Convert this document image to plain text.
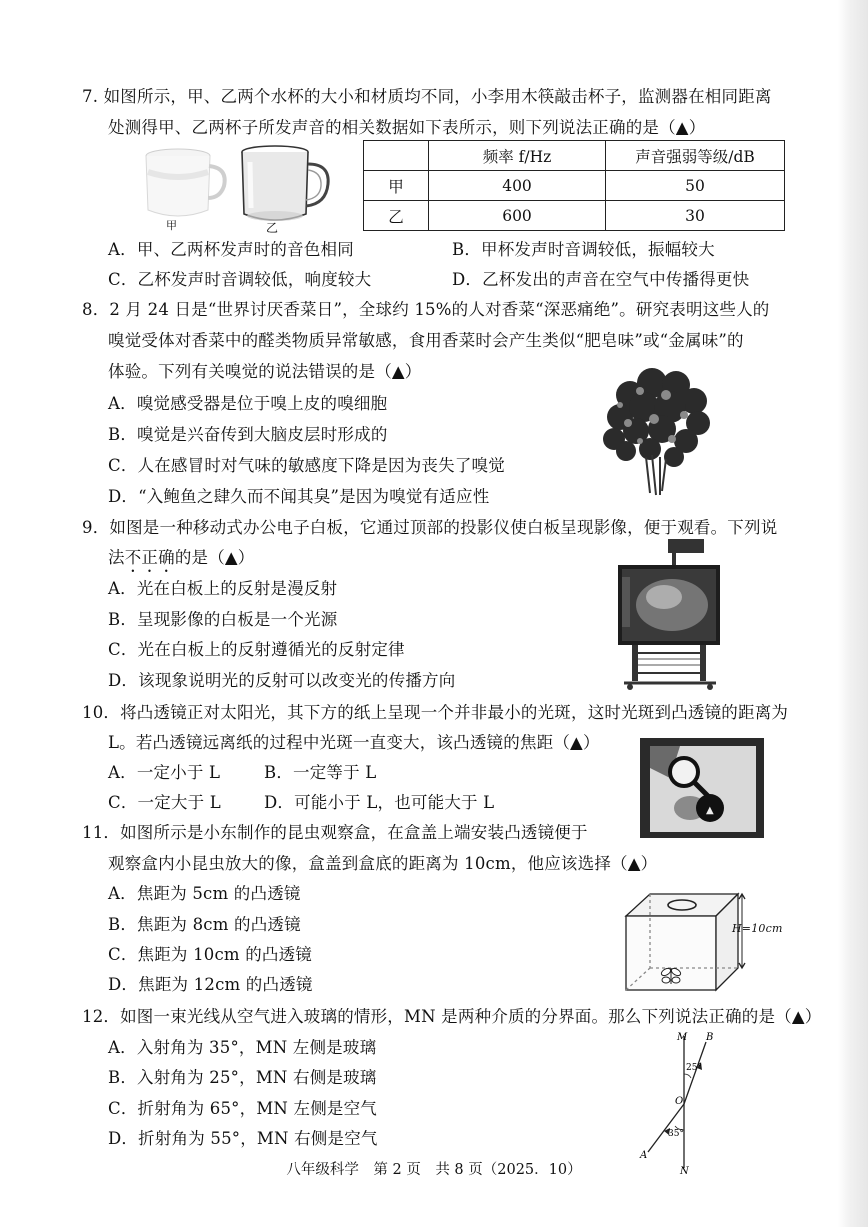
7. 如图所示，甲、乙两个水杯的大小和材质均不同，小李用木筷敲击杯子，监测器在相同距离
处测得甲、乙两杯子所发声音的相关数据如下表所示，则下列说法正确的是（▲）
甲	乙
	频率 f/Hz	声音强弱等级/dB
甲	400	50
乙	600	30
A．甲、乙两杯发声时的音色相同	B．甲杯发声时音调较低，振幅较大
C．乙杯发声时音调较低，响度较大	D．乙杯发出的声音在空气中传播得更快
8．2 月 24 日是“世界讨厌香菜日”，全球约 15%的人对香菜“深恶痛绝”。研究表明这些人的
嗅觉受体对香菜中的醛类物质异常敏感，食用香菜时会产生类似“肥皂味”或“金属味”的
体验。下列有关嗅觉的说法错误的是（▲）
A．嗅觉感受器是位于嗅上皮的嗅细胞
B．嗅觉是兴奋传到大脑皮层时形成的
C．人在感冒时对气味的敏感度下降是因为丧失了嗅觉
D．“入鲍鱼之肆久而不闻其臭”是因为嗅觉有适应性
9．如图是一种移动式办公电子白板，它通过顶部的投影仪使白板呈现影像，便于观看。下列说
法不正确的是（▲）
A．光在白板上的反射是漫反射
B．呈现影像的白板是一个光源
C．光在白板上的反射遵循光的反射定律
D．该现象说明光的反射可以改变光的传播方向
10．将凸透镜正对太阳光，其下方的纸上呈现一个并非最小的光斑，这时光斑到凸透镜的距离为
L。若凸透镜远离纸的过程中光斑一直变大，该凸透镜的焦距（▲）
A．一定小于 L	B．一定等于 L
C．一定大于 L	D．可能小于 L，也可能大于 L	▲
11．如图所示是小东制作的昆虫观察盒，在盒盖上端安装凸透镜便于
观察盒内小昆虫放大的像，盒盖到盒底的距离为 10cm，他应该选择（▲）
A．焦距为 5cm 的凸透镜
B．焦距为 8cm 的凸透镜
C．焦距为 10cm 的凸透镜
D．焦距为 12cm 的凸透镜
H=10cm
12．如图一束光线从空气进入玻璃的情形，MN 是两种介质的分界面。那么下列说法正确的是（▲）
A．入射角为 35°，MN 左侧是玻璃
B．入射角为 25°，MN 右侧是玻璃
C．折射角为 65°，MN 左侧是空气
D．折射角为 55°，MN 右侧是空气
M B
25°
O
35°
A
N
八年级科学　第 2 页　共 8 页（2025．10）
